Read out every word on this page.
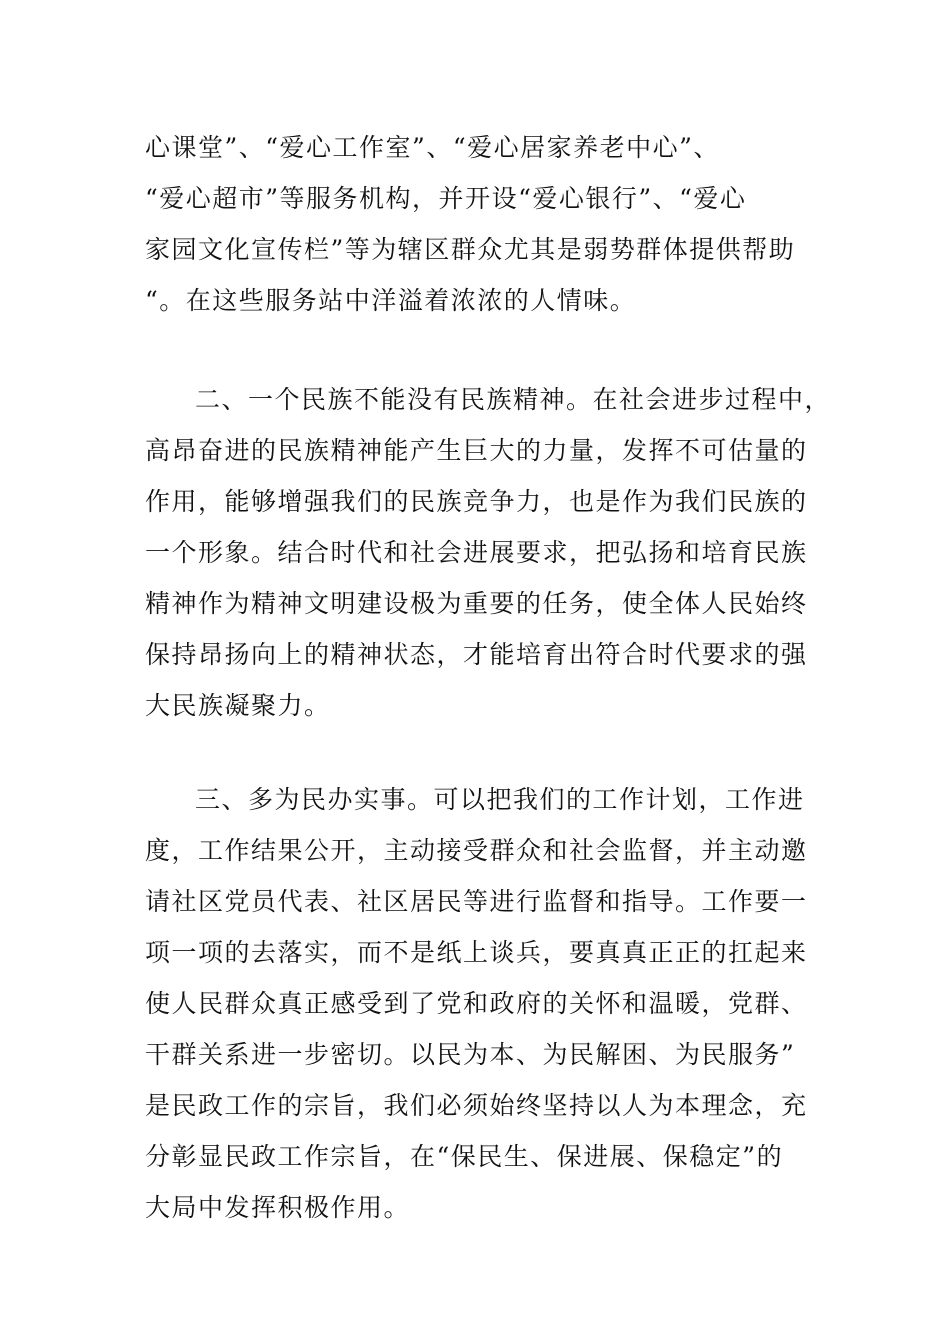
心课堂”、“爱心工作室”、“爱心居家养老中心”、
“爱心超市”等服务机构，并开设“爱心银行”、“爱心
家园文化宣传栏”等为辖区群众尤其是弱势群体提供帮助
“。在这些服务站中洋溢着浓浓的人情味。
二、一个民族不能没有民族精神。在社会进步过程中，
高昂奋进的民族精神能产生巨大的力量，发挥不可估量的
作用，能够增强我们的民族竞争力，也是作为我们民族的
一个形象。结合时代和社会进展要求，把弘扬和培育民族
精神作为精神文明建设极为重要的任务，使全体人民始终
保持昂扬向上的精神状态，才能培育出符合时代要求的强
大民族凝聚力。
三、多为民办实事。可以把我们的工作计划，工作进
度，工作结果公开，主动接受群众和社会监督，并主动邀
请社区党员代表、社区居民等进行监督和指导。工作要一
项一项的去落实，而不是纸上谈兵，要真真正正的扛起来
使人民群众真正感受到了党和政府的关怀和温暖，党群、
干群关系进一步密切。以民为本、为民解困、为民服务”
是民政工作的宗旨，我们必须始终坚持以人为本理念，充
分彰显民政工作宗旨，在“保民生、保进展、保稳定”的
大局中发挥积极作用。
